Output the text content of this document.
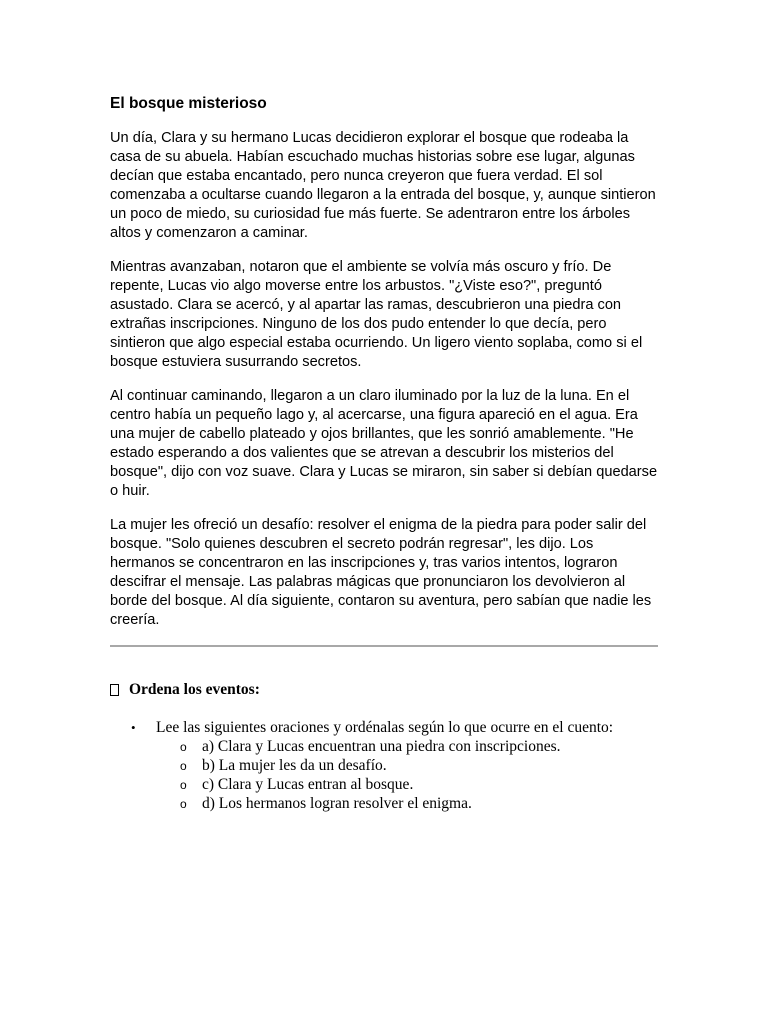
El bosque misterioso

Un día, Clara y su hermano Lucas decidieron explorar el bosque que rodeaba la casa de su abuela. Habían escuchado muchas historias sobre ese lugar, algunas decían que estaba encantado, pero nunca creyeron que fuera verdad. El sol comenzaba a ocultarse cuando llegaron a la entrada del bosque, y, aunque sintieron un poco de miedo, su curiosidad fue más fuerte. Se adentraron entre los árboles altos y comenzaron a caminar.

Mientras avanzaban, notaron que el ambiente se volvía más oscuro y frío. De repente, Lucas vio algo moverse entre los arbustos. "¿Viste eso?", preguntó asustado. Clara se acercó, y al apartar las ramas, descubrieron una piedra con extrañas inscripciones. Ninguno de los dos pudo entender lo que decía, pero sintieron que algo especial estaba ocurriendo. Un ligero viento soplaba, como si el bosque estuviera susurrando secretos.

Al continuar caminando, llegaron a un claro iluminado por la luz de la luna. En el centro había un pequeño lago y, al acercarse, una figura apareció en el agua. Era una mujer de cabello plateado y ojos brillantes, que les sonrió amablemente. "He estado esperando a dos valientes que se atrevan a descubrir los misterios del bosque", dijo con voz suave. Clara y Lucas se miraron, sin saber si debían quedarse o huir.

La mujer les ofreció un desafío: resolver el enigma de la piedra para poder salir del bosque. "Solo quienes descubren el secreto podrán regresar", les dijo. Los hermanos se concentraron en las inscripciones y, tras varios intentos, lograron descifrar el mensaje. Las palabras mágicas que pronunciaron los devolvieron al borde del bosque. Al día siguiente, contaron su aventura, pero sabían que nadie les creería.

Ordena los eventos:
• Lee las siguientes oraciones y ordénalas según lo que ocurre en el cuento:
o a) Clara y Lucas encuentran una piedra con inscripciones.
o b) La mujer les da un desafío.
o c) Clara y Lucas entran al bosque.
o d) Los hermanos logran resolver el enigma.
